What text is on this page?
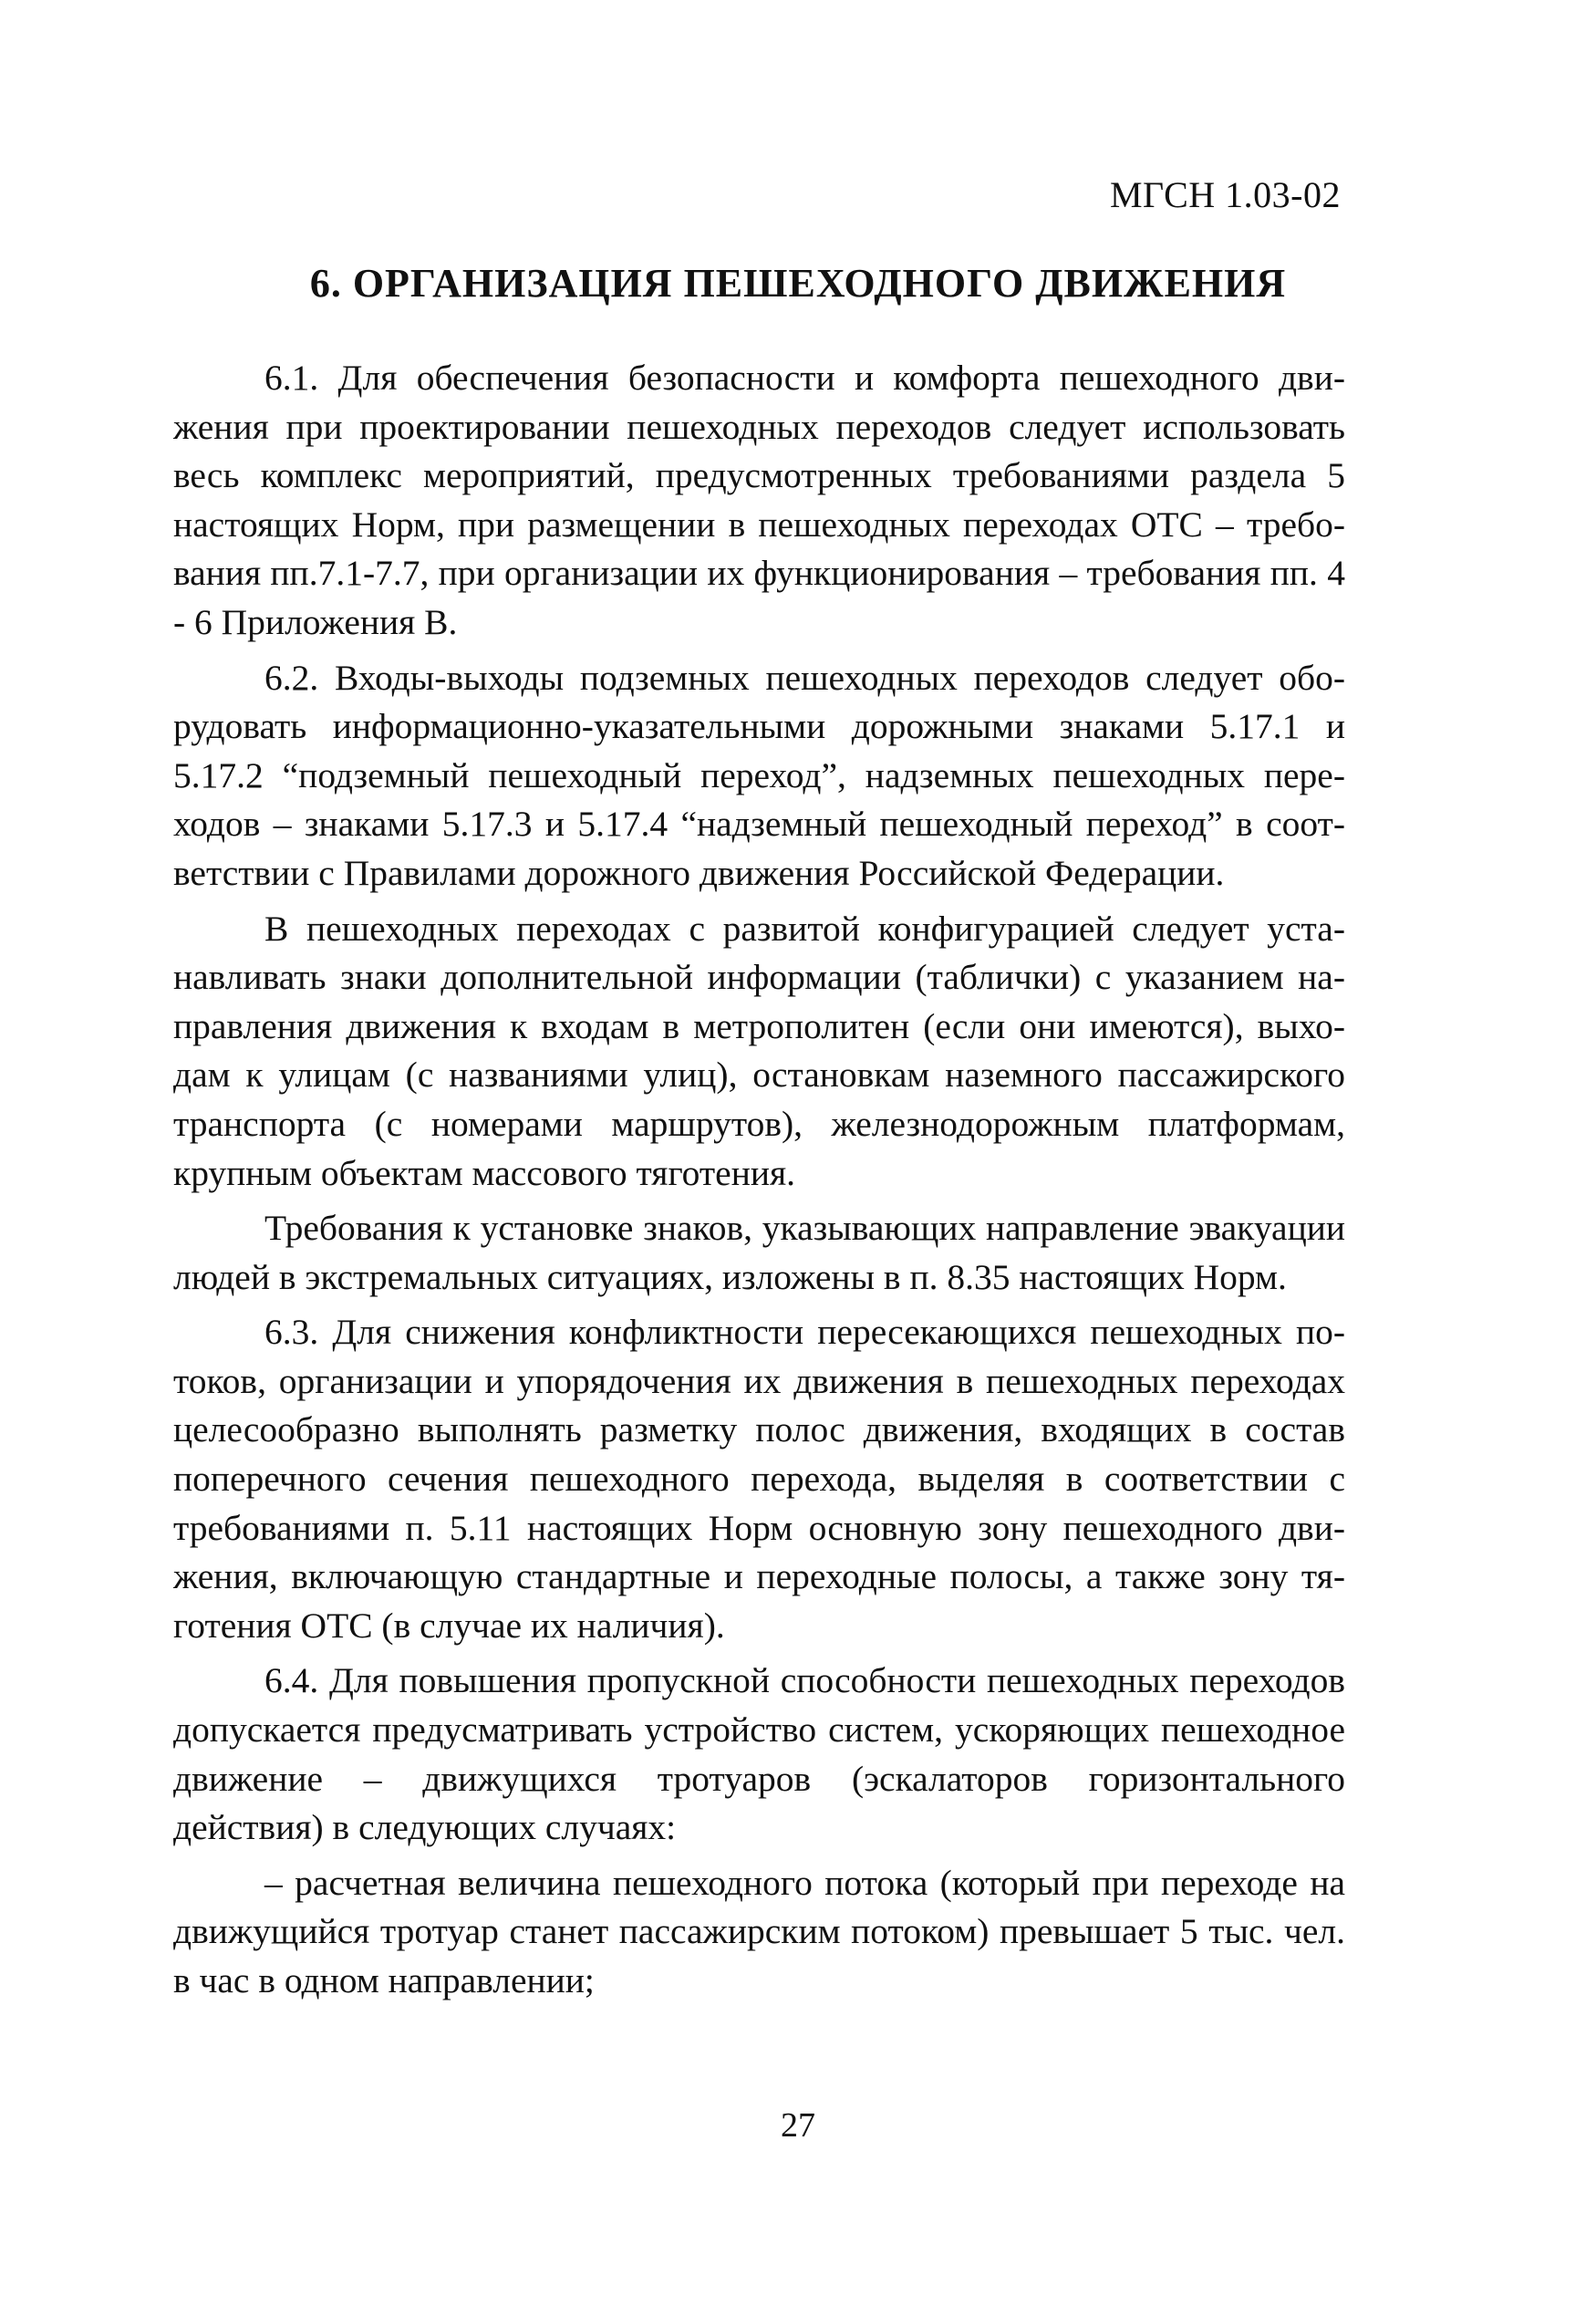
МГСН 1.03-02
6. ОРГАНИЗАЦИЯ ПЕШЕХОДНОГО ДВИЖЕНИЯ

6.1. Для обеспечения безопасности и комфорта пешеходного движения при проектировании пешеходных переходов следует использовать весь комплекс мероприятий, предусмотренных требованиями раздела 5 настоящих Норм, при размещении в пешеходных переходах ОТС – требования пп.7.1-7.7, при организации их функционирования – требования пп. 4 - 6 Приложения В.

6.2. Входы-выходы подземных пешеходных переходов следует оборудовать информационно-указательными дорожными знаками 5.17.1 и 5.17.2 “подземный пешеходный переход”, надземных пешеходных переходов – знаками 5.17.3 и 5.17.4 “надземный пешеходный переход” в соответствии с Правилами дорожного движения Российской Федерации.

В пешеходных переходах с развитой конфигурацией следует устанавливать знаки дополнительной информации (таблички) с указанием направления движения к входам в метрополитен (если они имеются), выходам к улицам (с названиями улиц), остановкам наземного пассажирского транспорта (с номерами маршрутов), железнодорожным платформам, крупным объектам массового тяготения.

Требования к установке знаков, указывающих направление эвакуации людей в экстремальных ситуациях, изложены в п. 8.35 настоящих Норм.

6.3. Для снижения конфликтности пересекающихся пешеходных потоков, организации и упорядочения их движения в пешеходных переходах целесообразно выполнять разметку полос движения, входящих в состав поперечного сечения пешеходного перехода, выделяя в соответствии с требованиями п. 5.11 настоящих Норм основную зону пешеходного движения, включающую стандартные и переходные полосы, а также зону тяготения ОТС (в случае их наличия).

6.4. Для повышения пропускной способности пешеходных переходов допускается предусматривать устройство систем, ускоряющих пешеходное движение – движущихся тротуаров (эскалаторов горизонтального действия) в следующих случаях:

– расчетная величина пешеходного потока (который при переходе на движущийся тротуар станет пассажирским потоком) превышает 5 тыс. чел. в час в одном направлении;

27
